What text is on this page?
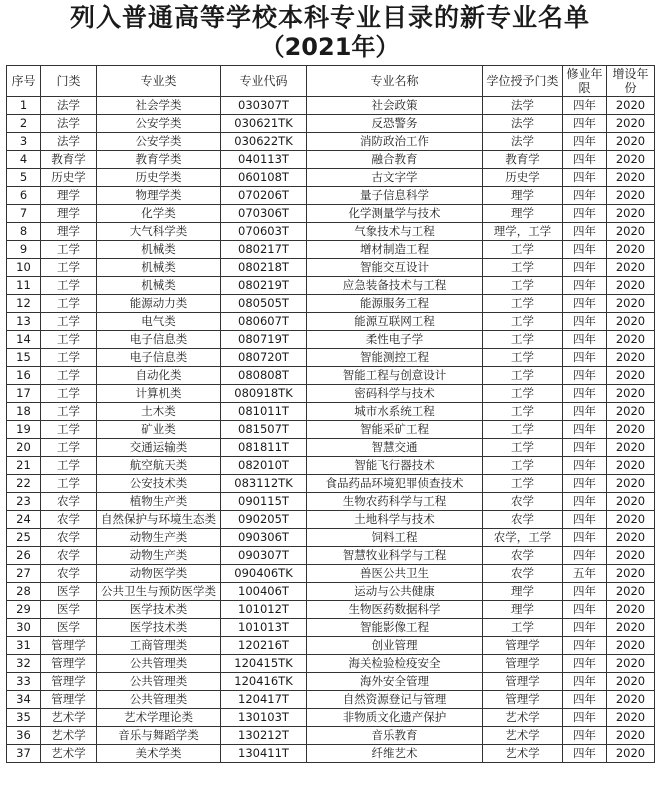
列入普通高等学校本科专业目录的新专业名单
（2021年）
序号	门类	专业类	专业代码	专业名称	学位授予门类	修业年限	增设年份
1	法学	社会学类	030307T	社会政策	法学	四年	2020
2	法学	公安学类	030621TK	反恐警务	法学	四年	2020
3	法学	公安学类	030622TK	消防政治工作	法学	四年	2020
4	教育学	教育学类	040113T	融合教育	教育学	四年	2020
5	历史学	历史学类	060108T	古文字学	历史学	四年	2020
6	理学	物理学类	070206T	量子信息科学	理学	四年	2020
7	理学	化学类	070306T	化学测量学与技术	理学	四年	2020
8	理学	大气科学类	070603T	气象技术与工程	理学，工学	四年	2020
9	工学	机械类	080217T	增材制造工程	工学	四年	2020
10	工学	机械类	080218T	智能交互设计	工学	四年	2020
11	工学	机械类	080219T	应急装备技术与工程	工学	四年	2020
12	工学	能源动力类	080505T	能源服务工程	工学	四年	2020
13	工学	电气类	080607T	能源互联网工程	工学	四年	2020
14	工学	电子信息类	080719T	柔性电子学	工学	四年	2020
15	工学	电子信息类	080720T	智能测控工程	工学	四年	2020
16	工学	自动化类	080808T	智能工程与创意设计	工学	四年	2020
17	工学	计算机类	080918TK	密码科学与技术	工学	四年	2020
18	工学	土木类	081011T	城市水系统工程	工学	四年	2020
19	工学	矿业类	081507T	智能采矿工程	工学	四年	2020
20	工学	交通运输类	081811T	智慧交通	工学	四年	2020
21	工学	航空航天类	082010T	智能飞行器技术	工学	四年	2020
22	工学	公安技术类	083112TK	食品药品环境犯罪侦查技术	工学	四年	2020
23	农学	植物生产类	090115T	生物农药科学与工程	农学	四年	2020
24	农学	自然保护与环境生态类	090205T	土地科学与技术	农学	四年	2020
25	农学	动物生产类	090306T	饲料工程	农学，工学	四年	2020
26	农学	动物生产类	090307T	智慧牧业科学与工程	农学	四年	2020
27	农学	动物医学类	090406TK	兽医公共卫生	农学	五年	2020
28	医学	公共卫生与预防医学类	100406T	运动与公共健康	理学	四年	2020
29	医学	医学技术类	101012T	生物医药数据科学	理学	四年	2020
30	医学	医学技术类	101013T	智能影像工程	工学	四年	2020
31	管理学	工商管理类	120216T	创业管理	管理学	四年	2020
32	管理学	公共管理类	120415TK	海关检验检疫安全	管理学	四年	2020
33	管理学	公共管理类	120416TK	海外安全管理	管理学	四年	2020
34	管理学	公共管理类	120417T	自然资源登记与管理	管理学	四年	2020
35	艺术学	艺术学理论类	130103T	非物质文化遗产保护	艺术学	四年	2020
36	艺术学	音乐与舞蹈学类	130212T	音乐教育	艺术学	四年	2020
37	艺术学	美术学类	130411T	纤维艺术	艺术学	四年	2020
